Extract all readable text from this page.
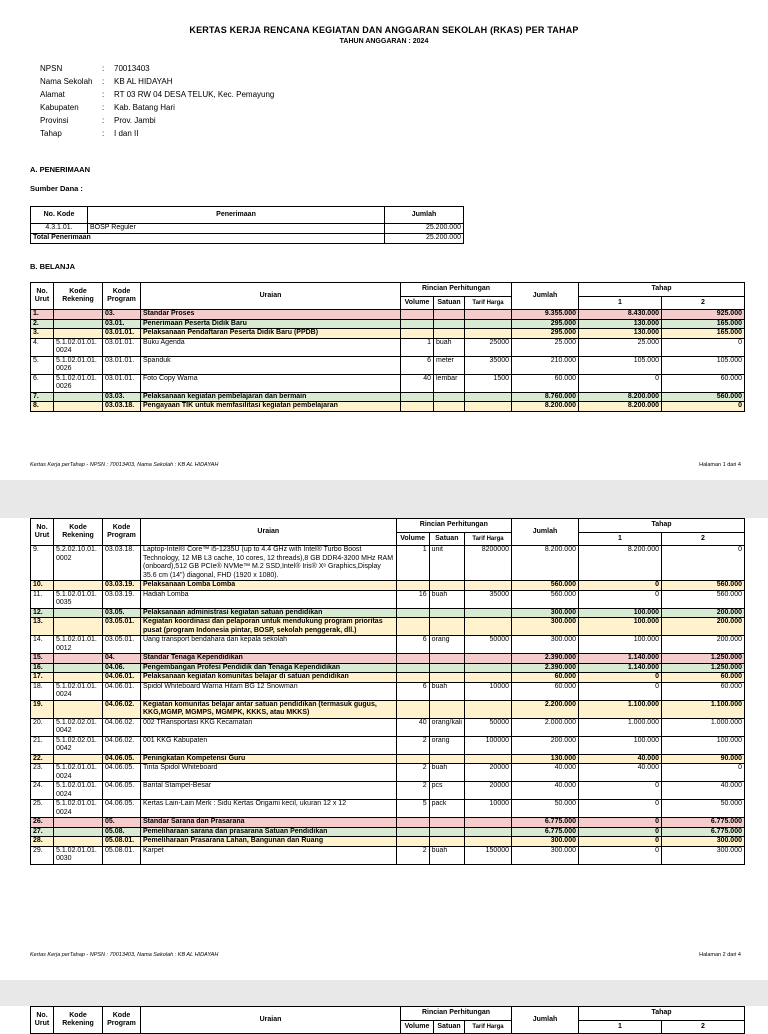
KERTAS KERJA RENCANA KEGIATAN DAN ANGGARAN SEKOLAH (RKAS) PER TAHAP
TAHUN ANGGARAN : 2024
NPSN	:	70013403
Nama Sekolah	:	KB AL HIDAYAH
Alamat	:	RT 03 RW 04 DESA TELUK, Kec. Pemayung
Kabupaten	:	Kab. Batang Hari
Provinsi	:	Prov. Jambi
Tahap	:	I dan II
A. PENERIMAAN
Sumber Dana :
No. Kode	Penerimaan	Jumlah
4.3.1.01.	BOSP Reguler	25.200.000
Total Penerimaan		25.200.000
B. BELANJA
No. Urut	Kode Rekening	Kode Program	Uraian	Rincian Perhitungan			Jumlah	Tahap	
				Volume	Satuan	Tarif Harga		1	2
1.		03.	Standar Proses				9.355.000	8.430.000	925.000
2.		03.01.	Penerimaan Peserta Didik Baru				295.000	130.000	165.000
3.		03.01.01.	Pelaksanaan Pendaftaran Peserta Didik Baru (PPDB)				295.000	130.000	165.000
4.	5.1.02.01.01.0024	03.01.01.	Buku Agenda	1	buah	25000	25.000	25.000	0
5.	5.1.02.01.01.0026	03.01.01.	Spanduk	6	meter	35000	210.000	105.000	105.000
6.	5.1.02.01.01.0026	03.01.01.	Foto Copy Warna	40	lembar	1500	60.000	0	60.000
7.		03.03.	Pelaksanaan kegiatan pembelajaran dan bermain				8.760.000	8.200.000	560.000
8.		03.03.18.	Pengayaan TIK untuk memfasilitasi kegiatan pembelajaran				8.200.000	8.200.000	0
Kertas Kerja perTahap - NPSN : 70013403, Nama Sekolah : KB AL HIDAYAH	Halaman 1 dari 4
No. Urut	Kode Rekening	Kode Program	Uraian	Rincian Perhitungan			Jumlah	Tahap	
				Volume	Satuan	Tarif Harga		1	2
9.	5.2.02.10.01.0002	03.03.18.	Laptop-Intel® Core™ i5-1235U (up to 4.4 GHz with Intel® Turbo Boost Technology, 12 MB L3 cache, 10 cores, 12 threads),8 GB DDR4-3200 MHz RAM (onboard),512 GB PCIe® NVMe™ M.2 SSD,Intel® Iris® Xᵉ Graphics,Display 35.6 cm (14") diagonal, FHD (1920 x 1080).	1	unit	8200000	8.200.000	8.200.000	0
10.		03.03.19.	Pelaksanaan Lomba Lomba				560.000	0	560.000
11.	5.1.02.01.01.0035	03.03.19.	Hadiah Lomba	16	buah	35000	560.000	0	560.000
12.		03.05.	Pelaksanaan administrasi kegiatan satuan pendidikan				300.000	100.000	200.000
13.		03.05.01.	Kegiatan koordinasi dan pelaporan untuk mendukung program prioritas pusat (program Indonesia pintar, BOSP, sekolah penggerak, dll.)				300.000	100.000	200.000
14.	5.1.02.01.01.0012	03.05.01.	Uang transport bendahara dan kepala sekolah	6	orang	50000	300.000	100.000	200.000
15.		04.	Standar Tenaga Kependidikan				2.390.000	1.140.000	1.250.000
16.		04.06.	Pengembangan Profesi Pendidik dan Tenaga Kependidikan				2.390.000	1.140.000	1.250.000
17.		04.06.01.	Pelaksanaan kegiatan komunitas belajar di satuan pendidikan				60.000	0	60.000
18.	5.1.02.01.01.0024	04.06.01.	Spidol Whiteboard Warna Hitam BG 12 Snowman	6	buah	10000	60.000	0	60.000
19.		04.06.02.	Kegiatan komunitas belajar antar satuan pendidikan (termasuk gugus, KKG,MGMP, MGMPS, MGMPK, KKKS, atau MKKS)				2.200.000	1.100.000	1.100.000
20.	5.1.02.02.01.0042	04.06.02.	002 TRansportasi KKG Kecamatan	40	orang/kali	50000	2.000.000	1.000.000	1.000.000
21.	5.1.02.02.01.0042	04.06.02.	001 KKG Kabupaten	2	orang	100000	200.000	100.000	100.000
22.		04.06.05.	Peningkatan Kompetensi Guru				130.000	40.000	90.000
23.	5.1.02.01.01.0024	04.06.05.	Tinta Spidol Whiteboard	2	buah	20000	40.000	40.000	0
24.	5.1.02.01.01.0024	04.06.05.	Bantal Stampel-Besar	2	pcs	20000	40.000	0	40.000
25.	5.1.02.01.01.0024	04.06.05.	Kertas Lain-Lain Merk : Sidu Kertas Origami kecil, ukuran 12 x 12	5	pack	10000	50.000	0	50.000
26.		05.	Standar Sarana dan Prasarana				6.775.000	0	6.775.000
27.		05.08.	Pemeliharaan sarana dan prasarana Satuan Pendidikan				6.775.000	0	6.775.000
28.		05.08.01.	Pemeliharaan Prasarana Lahan, Bangunan dan Ruang				300.000	0	300.000
29.	5.1.02.01.01.0030	05.08.01.	Karpet	2	buah	150000	300.000	0	300.000
Kertas Kerja perTahap - NPSN : 70013403, Nama Sekolah : KB AL HIDAYAH	Halaman 2 dari 4
No. Urut	Kode Rekening	Kode Program	Uraian	Rincian Perhitungan			Jumlah	Tahap	
				Volume	Satuan	Tarif Harga		1	2
